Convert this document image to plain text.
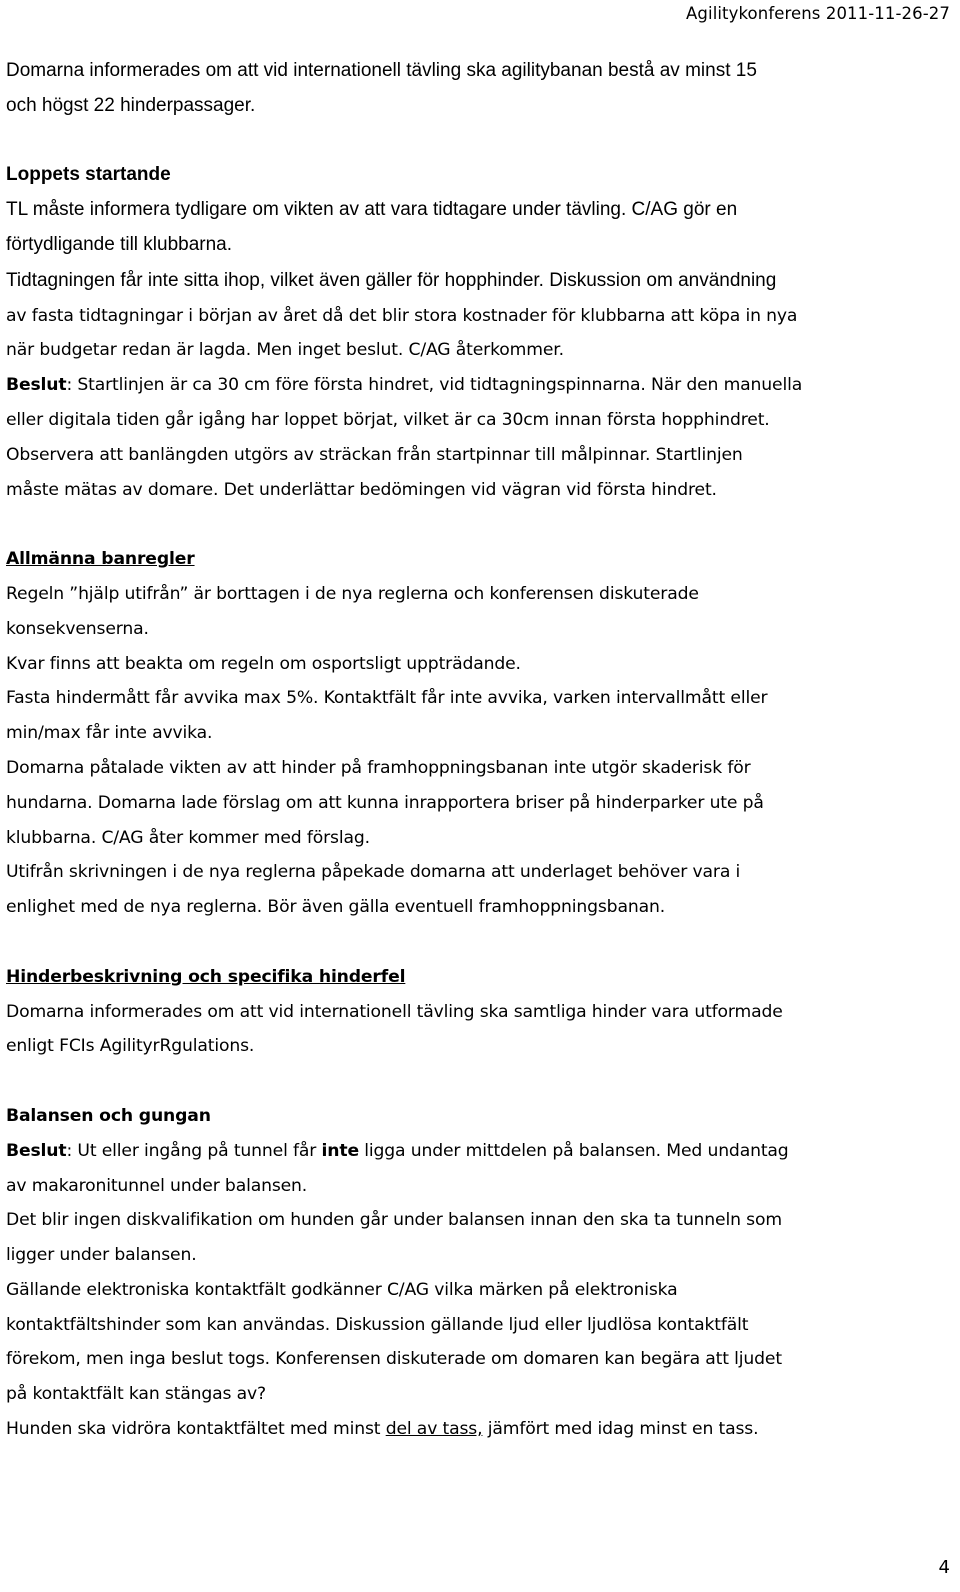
Agilitykonferens 2011-11-26-27

Domarna informerades om att vid internationell tävling ska agilitybanan bestå av minst 15

och högst 22 hinderpassager.

Loppets startande

TL måste informera tydligare om vikten av att vara tidtagare under tävling. C/AG gör en

förtydligande till klubbarna.

Tidtagningen får inte sitta ihop, vilket även gäller för hopphinder. Diskussion om användning

av fasta tidtagningar i början av året då det blir stora kostnader för klubbarna att köpa in nya

när budgetar redan är lagda. Men inget beslut. C/AG återkommer.

Beslut: Startlinjen är ca 30 cm före första hindret, vid tidtagningspinnarna. När den manuella

eller digitala tiden går igång har loppet börjat, vilket är ca 30cm innan första hopphindret.

Observera att banlängden utgörs av sträckan från startpinnar till målpinnar. Startlinjen

måste mätas av domare. Det underlättar bedömingen vid vägran vid första hindret.

Allmänna banregler

Regeln ”hjälp utifrån” är borttagen i de nya reglerna och konferensen diskuterade

konsekvenserna.

Kvar finns att beakta om regeln om osportsligt uppträdande.

Fasta hindermått får avvika max 5%. Kontaktfält får inte avvika, varken intervallmått eller

min/max får inte avvika.

Domarna påtalade vikten av att hinder på framhoppningsbanan inte utgör skaderisk för

hundarna. Domarna lade förslag om att kunna inrapportera briser på hinderparker ute på

klubbarna. C/AG åter kommer med förslag.

Utifrån skrivningen i de nya reglerna påpekade domarna att underlaget behöver vara i

enlighet med de nya reglerna. Bör även gälla eventuell framhoppningsbanan.

Hinderbeskrivning och specifika hinderfel

Domarna informerades om att vid internationell tävling ska samtliga hinder vara utformade

enligt FCIs AgilityrRgulations.

Balansen och gungan

Beslut: Ut eller ingång på tunnel får inte ligga under mittdelen på balansen. Med undantag

av makaronitunnel under balansen.

Det blir ingen diskvalifikation om hunden går under balansen innan den ska ta tunneln som

ligger under balansen.

Gällande elektroniska kontaktfält godkänner C/AG vilka märken på elektroniska

kontaktfältshinder som kan användas. Diskussion gällande ljud eller ljudlösa kontaktfält

förekom, men inga beslut togs. Konferensen diskuterade om domaren kan begära att ljudet

på kontaktfält kan stängas av?

Hunden ska vidröra kontaktfältet med minst del av tass, jämfört med idag minst en tass.

4
